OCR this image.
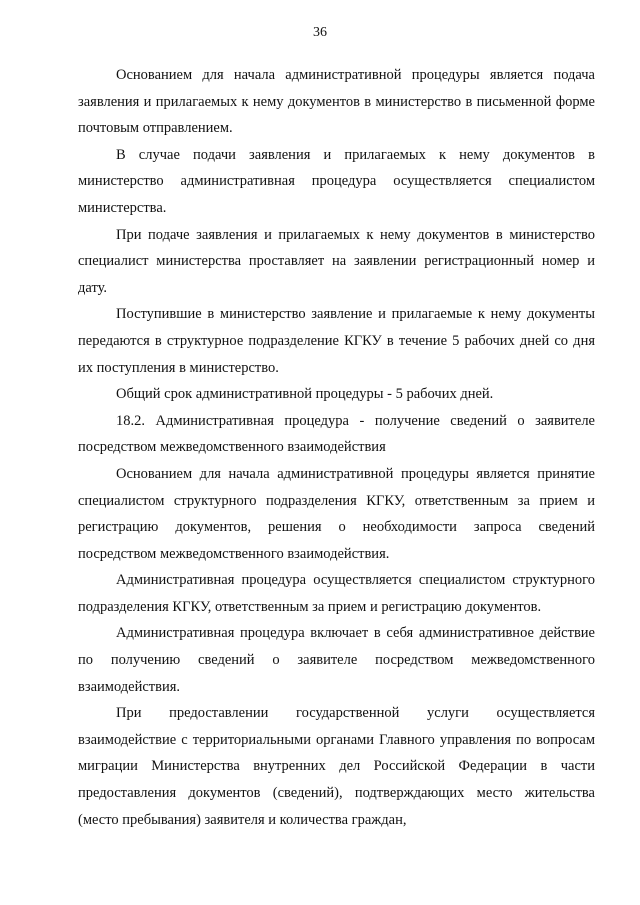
36

Основанием для начала административной процедуры является подача заявления и прилагаемых к нему документов в министерство в письменной форме почтовым отправлением.

В случае подачи заявления и прилагаемых к нему документов в министерство административная процедура осуществляется специалистом министерства.

При подаче заявления и прилагаемых к нему документов в министерство специалист министерства проставляет на заявлении регистрационный номер и дату.

Поступившие в министерство заявление и прилагаемые к нему документы передаются в структурное подразделение КГКУ в течение 5 рабочих дней со дня их поступления в министерство.

Общий срок административной процедуры - 5 рабочих дней.

18.2. Административная процедура - получение сведений о заявителе посредством межведомственного взаимодействия

Основанием для начала административной процедуры является принятие специалистом структурного подразделения КГКУ, ответственным за прием и регистрацию документов, решения о необходимости запроса сведений посредством межведомственного взаимодействия.

Административная процедура осуществляется специалистом структурного подразделения КГКУ, ответственным за прием и регистрацию документов.

Административная процедура включает в себя административное действие по получению сведений о заявителе посредством межведомственного взаимодействия.

При предоставлении государственной услуги осуществляется взаимодействие с территориальными органами Главного управления по вопросам миграции Министерства внутренних дел Российской Федерации в части предоставления документов (сведений), подтверждающих место жительства (место пребывания) заявителя и количества граждан,
